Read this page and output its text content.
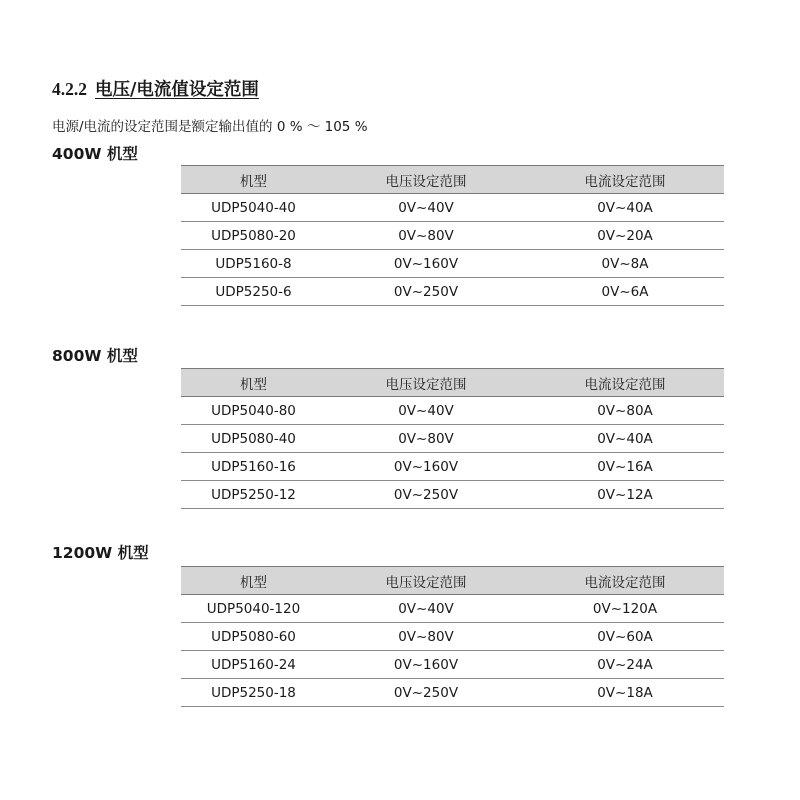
4.2.2 电压/电流值设定范围
电源/电流的设定范围是额定输出值的 0 % ～ 105 %
400W 机型
机型	电压设定范围	电流设定范围
UDP5040-40	0V~40V	0V~40A
UDP5080-20	0V~80V	0V~20A
UDP5160-8	0V~160V	0V~8A
UDP5250-6	0V~250V	0V~6A
800W 机型
机型	电压设定范围	电流设定范围
UDP5040-80	0V~40V	0V~80A
UDP5080-40	0V~80V	0V~40A
UDP5160-16	0V~160V	0V~16A
UDP5250-12	0V~250V	0V~12A
1200W 机型
机型	电压设定范围	电流设定范围
UDP5040-120	0V~40V	0V~120A
UDP5080-60	0V~80V	0V~60A
UDP5160-24	0V~160V	0V~24A
UDP5250-18	0V~250V	0V~18A
